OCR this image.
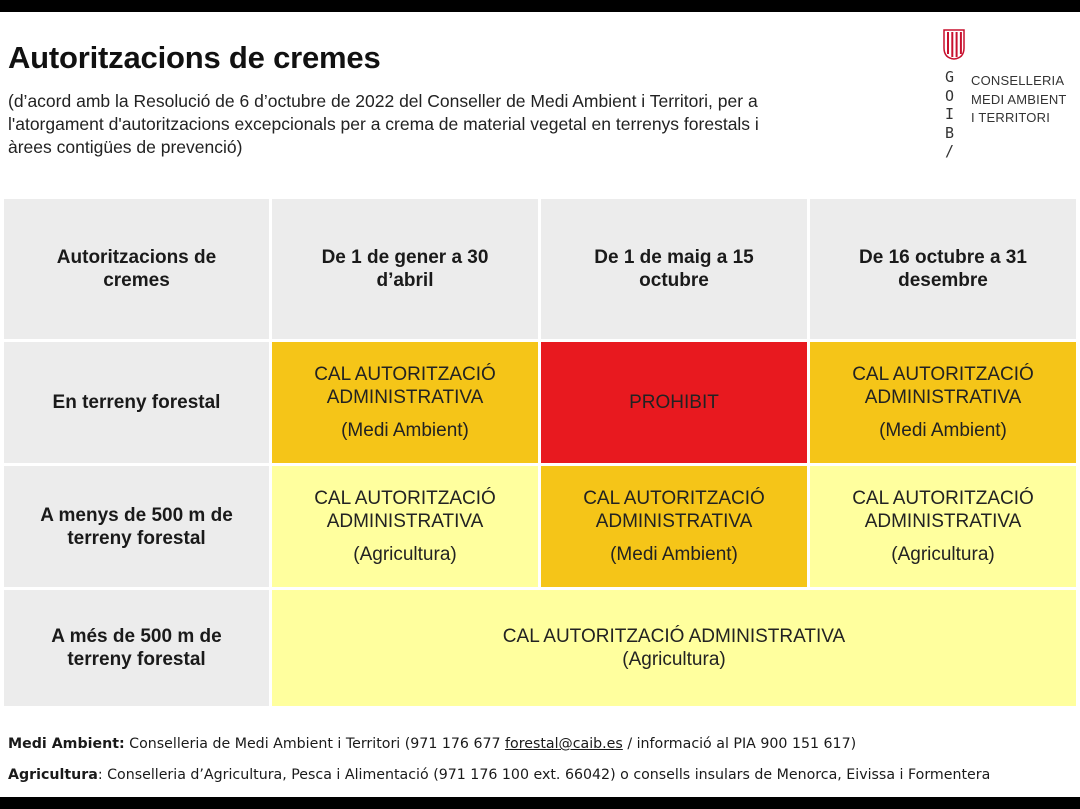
Autoritzacions de cremes
(d’acord amb la Resolució de 6 d’octubre de 2022 del Conseller de Medi Ambient i Territori, per a
l'atorgament d'autoritzacions excepcionals per a crema de material vegetal en terrenys forestals i
àrees contigües de prevenció)
G
O
I
B
/
CONSELLERIA
MEDI AMBIENT
I TERRITORI
Autoritzacions de
cremes
De 1 de gener a 30
d’abril
De 1 de maig a 15
octubre
De 16 octubre a 31
desembre
En terreny forestal
CAL AUTORITZACIÓ
ADMINISTRATIVA
(Medi Ambient)
PROHIBIT
CAL AUTORITZACIÓ
ADMINISTRATIVA
(Medi Ambient)
A menys de 500 m de
terreny forestal
CAL AUTORITZACIÓ
ADMINISTRATIVA
(Agricultura)
CAL AUTORITZACIÓ
ADMINISTRATIVA
(Medi Ambient)
CAL AUTORITZACIÓ
ADMINISTRATIVA
(Agricultura)
A més de 500 m de
terreny forestal
CAL AUTORITZACIÓ ADMINISTRATIVA
(Agricultura)
Medi Ambient: Conselleria de Medi Ambient i Territori (971 176 677 forestal@caib.es / informació al PIA 900 151 617)
Agricultura: Conselleria d’Agricultura, Pesca i Alimentació (971 176 100 ext. 66042) o consells insulars de Menorca, Eivissa i Formentera
